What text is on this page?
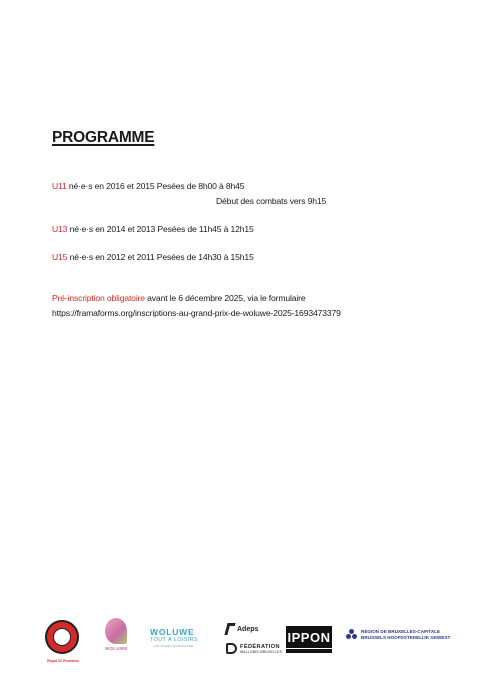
PROGRAMME
U11 né·e·s en 2016 et 2015 Pesées de 8h00 à 8h45
Début des combats vers 9h15
U13 né·e·s en 2014 et 2013 Pesées de 11h45 à 12h15
U15 né·e·s en 2012 et 2011 Pesées de 14h30 à 15h15
Pré-inscription obligatoire avant le 6 décembre 2025, via le formulaire
https://framaforms.org/inscriptions-au-grand-prix-de-woluwe-2025-1693473379
Royal JC Poseidon
WOLUWE
WOLUWE
TOUT À LOISIRS
LES STAGES SPORTIFS ASBL
Adeps
FÉDÉRATION
WALLONIE-BRUXELLES
IPPON	RÉGION DE BRUXELLES-CAPITALE
BRUSSELS HOOFDSTEDELIJK GEWEST
